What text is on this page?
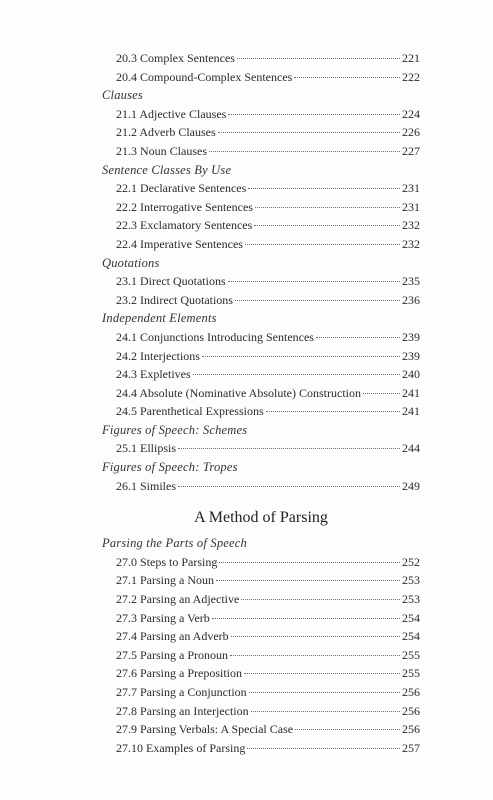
20.3 Complex Sentences	221
20.4 Compound-Complex Sentences	222
Clauses
21.1 Adjective Clauses	224
21.2 Adverb Clauses	226
21.3 Noun Clauses	227
Sentence Classes By Use
22.1 Declarative Sentences	231
22.2 Interrogative Sentences	231
22.3 Exclamatory Sentences	232
22.4 Imperative Sentences	232
Quotations
23.1 Direct Quotations	235
23.2 Indirect Quotations	236
Independent Elements
24.1 Conjunctions Introducing Sentences	239
24.2 Interjections	239
24.3 Expletives	240
24.4 Absolute (Nominative Absolute) Construction	241
24.5 Parenthetical Expressions	241
Figures of Speech: Schemes
25.1 Ellipsis	244
Figures of Speech: Tropes
26.1 Similes	249
A Method of Parsing
Parsing the Parts of Speech
27.0 Steps to Parsing	252
27.1 Parsing a Noun	253
27.2 Parsing an Adjective	253
27.3 Parsing a Verb	254
27.4 Parsing an Adverb	254
27.5 Parsing a Pronoun	255
27.6 Parsing a Preposition	255
27.7 Parsing a Conjunction	256
27.8 Parsing an Interjection	256
27.9 Parsing Verbals: A Special Case	256
27.10 Examples of Parsing	257
